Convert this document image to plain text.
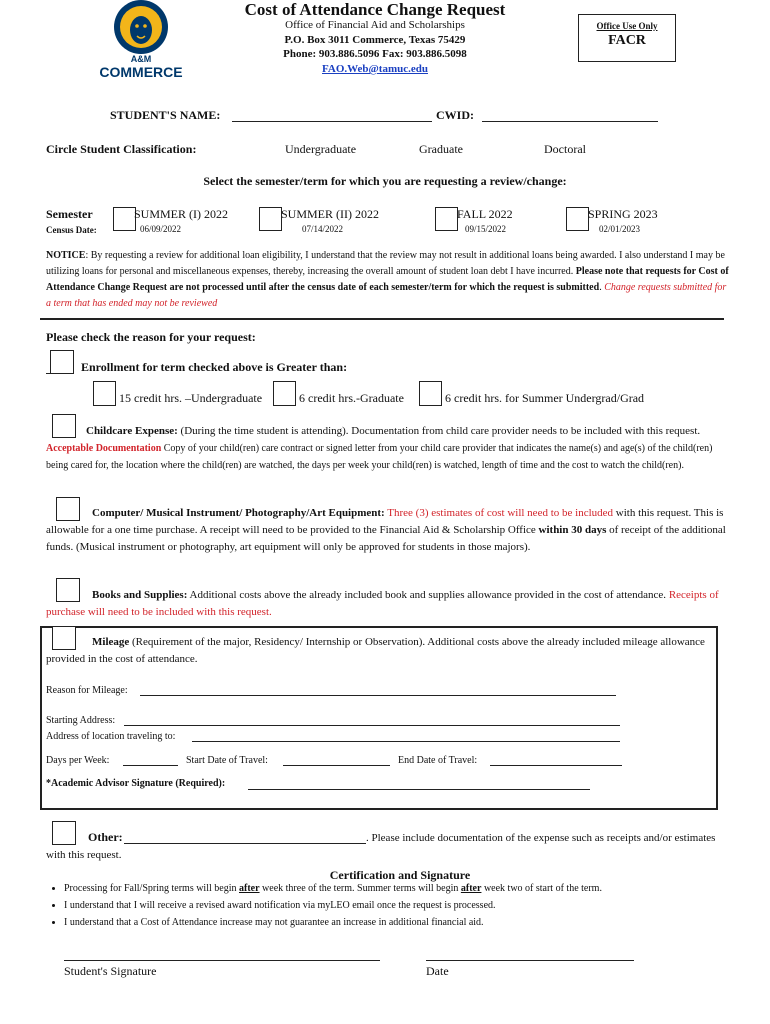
A&M
COMMERCE
Cost of Attendance Change Request
Office of Financial Aid and Scholarships
P.O. Box 3011 Commerce, Texas 75429
Phone: 903.886.5096 Fax: 903.886.5098
FAO.Web@tamuc.edu
Office Use Only
FACR
STUDENT'S NAME:	CWID:
Circle Student Classification:	Undergraduate	Graduate	Doctoral
Select the semester/term for which you are requesting a review/change:
Semester
Census Date:
SUMMER (I) 2022
06/09/2022
SUMMER (II) 2022
07/14/2022
FALL 2022
09/15/2022
SPRING 2023
02/01/2023
NOTICE: By requesting a review for additional loan eligibility, I understand that the review may not result in additional loans being awarded. I also understand I may be utilizing loans for personal and miscellaneous expenses, thereby, increasing the overall amount of student loan debt I have incurred. Please note that requests for Cost of Attendance Change Request are not processed until after the census date of each semester/term for which the request is submitted. Change requests submitted for a term that has ended may not be reviewed
Please check the reason for your request:
Enrollment for term checked above is Greater than:
15 credit hrs. –Undergraduate	6 credit hrs.-Graduate	6 credit hrs. for Summer Undergrad/Grad
Childcare Expense: (During the time student is attending). Documentation from child care provider needs to be included with this request. Acceptable Documentation Copy of your child(ren) care contract or signed letter from your child care provider that indicates the name(s) and age(s) of the child(ren) being cared for, the location where the child(ren) are watched, the days per week your child(ren) is watched, length of time and the cost to watch the child(ren).
Computer/ Musical Instrument/ Photography/Art Equipment: Three (3) estimates of cost will need to be included with this request. This is allowable for a one time purchase. A receipt will need to be provided to the Financial Aid & Scholarship Office within 30 days of receipt of the additional funds. (Musical instrument or photography, art equipment will only be approved for students in those majors).
Books and Supplies: Additional costs above the already included book and supplies allowance provided in the cost of attendance. Receipts of purchase will need to be included with this request.
Mileage (Requirement of the major, Residency/ Internship or Observation). Additional costs above the already included mileage allowance provided in the cost of attendance.
Reason for Mileage:
Starting Address:
Address of location traveling to:
Days per Week:	Start Date of Travel:	End Date of Travel:
*Academic Advisor Signature (Required):
Other:	. Please include documentation of the expense such as receipts and/or estimates with this request.
Certification and Signature
• Processing for Fall/Spring terms will begin after week three of the term. Summer terms will begin after week two of start of the term.
• I understand that I will receive a revised award notification via myLEO email once the request is processed.
• I understand that a Cost of Attendance increase may not guarantee an increase in additional financial aid.
Student's Signature	Date
